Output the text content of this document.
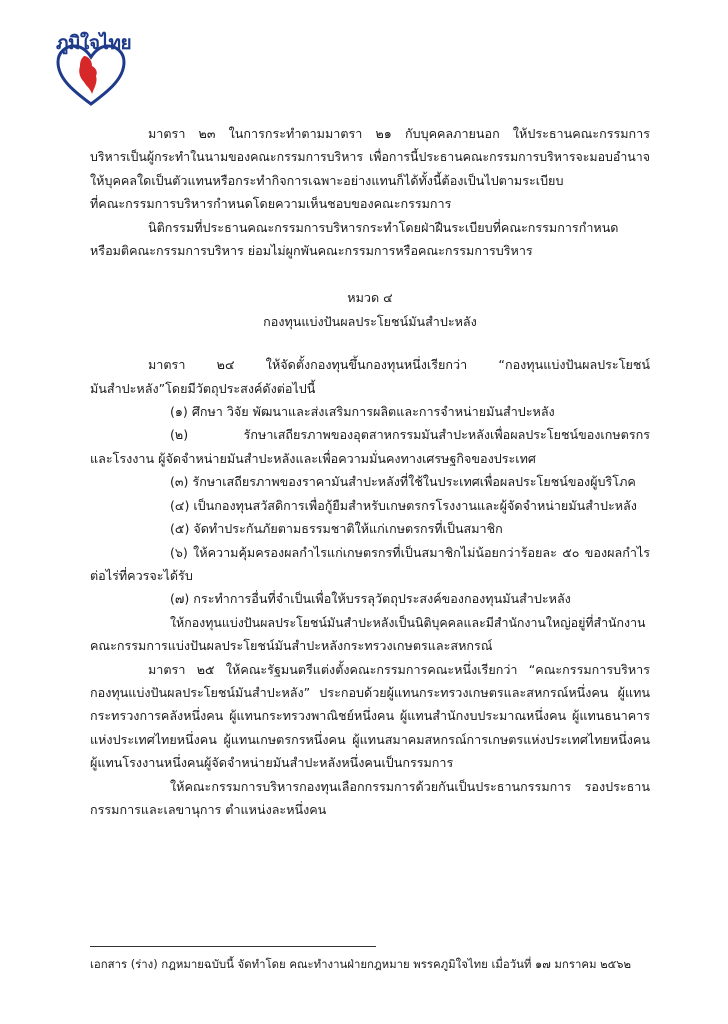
ภูมิใจไทย

มาตรา ๒๓ ในการกระทำตามมาตรา ๒๑ กับบุคคลภายนอก ให้ประธานคณะกรรมการ

บริหารเป็นผู้กระทำในนามของคณะกรรมการบริหาร เพื่อการนี้ประธานคณะกรรมการบริหารจะมอบอำนาจ

ให้บุคคลใดเป็นตัวแทนหรือกระทำกิจการเฉพาะอย่างแทนก็ได้ทั้งนี้ต้องเป็นไปตามระเบียบ

ที่คณะกรรมการบริหารกำหนดโดยความเห็นชอบของคณะกรรมการ

นิติกรรมที่ประธานคณะกรรมการบริหารกระทำโดยฝ่าฝืนระเบียบที่คณะกรรมการกำหนด

หรือมติคณะกรรมการบริหาร ย่อมไม่ผูกพันคณะกรรมการหรือคณะกรรมการบริหาร

หมวด ๔

กองทุนแบ่งปันผลประโยชน์มันสำปะหลัง

มาตรา ๒๔ ให้จัดตั้งกองทุนขึ้นกองทุนหนึ่งเรียกว่า “กองทุนแบ่งปันผลประโยชน์

มันสำปะหลัง”โดยมีวัตถุประสงค์ดังต่อไปนี้

(๑) ศึกษา วิจัย พัฒนาและส่งเสริมการผลิตและการจำหน่ายมันสำปะหลัง

(๒) รักษาเสถียรภาพของอุตสาหกรรมมันสำปะหลังเพื่อผลประโยชน์ของเกษตรกร

และโรงงาน ผู้จัดจำหน่ายมันสำปะหลังและเพื่อความมั่นคงทางเศรษฐกิจของประเทศ

(๓) รักษาเสถียรภาพของราคามันสำปะหลังที่ใช้ในประเทศเพื่อผลประโยชน์ของผู้บริโภค

(๔) เป็นกองทุนสวัสดิการเพื่อกู้ยืมสำหรับเกษตรกรโรงงานและผู้จัดจำหน่ายมันสำปะหลัง

(๕) จัดทำประกันภัยตามธรรมชาติให้แก่เกษตรกรที่เป็นสมาชิก

(๖) ให้ความคุ้มครองผลกำไรแก่เกษตรกรที่เป็นสมาชิกไม่น้อยกว่าร้อยละ ๕๐ ของผลกำไร

ต่อไร่ที่ควรจะได้รับ

(๗) กระทำการอื่นที่จำเป็นเพื่อให้บรรลุวัตถุประสงค์ของกองทุนมันสำปะหลัง

ให้กองทุนแบ่งปันผลประโยชน์มันสำปะหลังเป็นนิติบุคคลและมีสำนักงานใหญ่อยู่ที่สำนักงาน

คณะกรรมการแบ่งปันผลประโยชน์มันสำปะหลังกระทรวงเกษตรและสหกรณ์

มาตรา ๒๕ ให้คณะรัฐมนตรีแต่งตั้งคณะกรรมการคณะหนึ่งเรียกว่า “คณะกรรมการบริหาร

กองทุนแบ่งปันผลประโยชน์มันสำปะหลัง” ประกอบด้วยผู้แทนกระทรวงเกษตรและสหกรณ์หนึ่งคน ผู้แทน

กระทรวงการคลังหนึ่งคน ผู้แทนกระทรวงพาณิชย์หนึ่งคน ผู้แทนสำนักงบประมาณหนึ่งคน ผู้แทนธนาคาร

แห่งประเทศไทยหนึ่งคน ผู้แทนเกษตรกรหนึ่งคน ผู้แทนสมาคมสหกรณ์การเกษตรแห่งประเทศไทยหนึ่งคน

ผู้แทนโรงงานหนึ่งคนผู้จัดจำหน่ายมันสำปะหลังหนึ่งคนเป็นกรรมการ

ให้คณะกรรมการบริหารกองทุนเลือกกรรมการด้วยกันเป็นประธานกรรมการ รองประธาน

กรรมการและเลขานุการ ตำแหน่งละหนึ่งคน

เอกสาร (ร่าง) กฎหมายฉบับนี้ จัดทำโดย คณะทำงานฝ่ายกฎหมาย พรรคภูมิใจไทย เมื่อวันที่ ๑๗ มกราคม ๒๕๖๒
